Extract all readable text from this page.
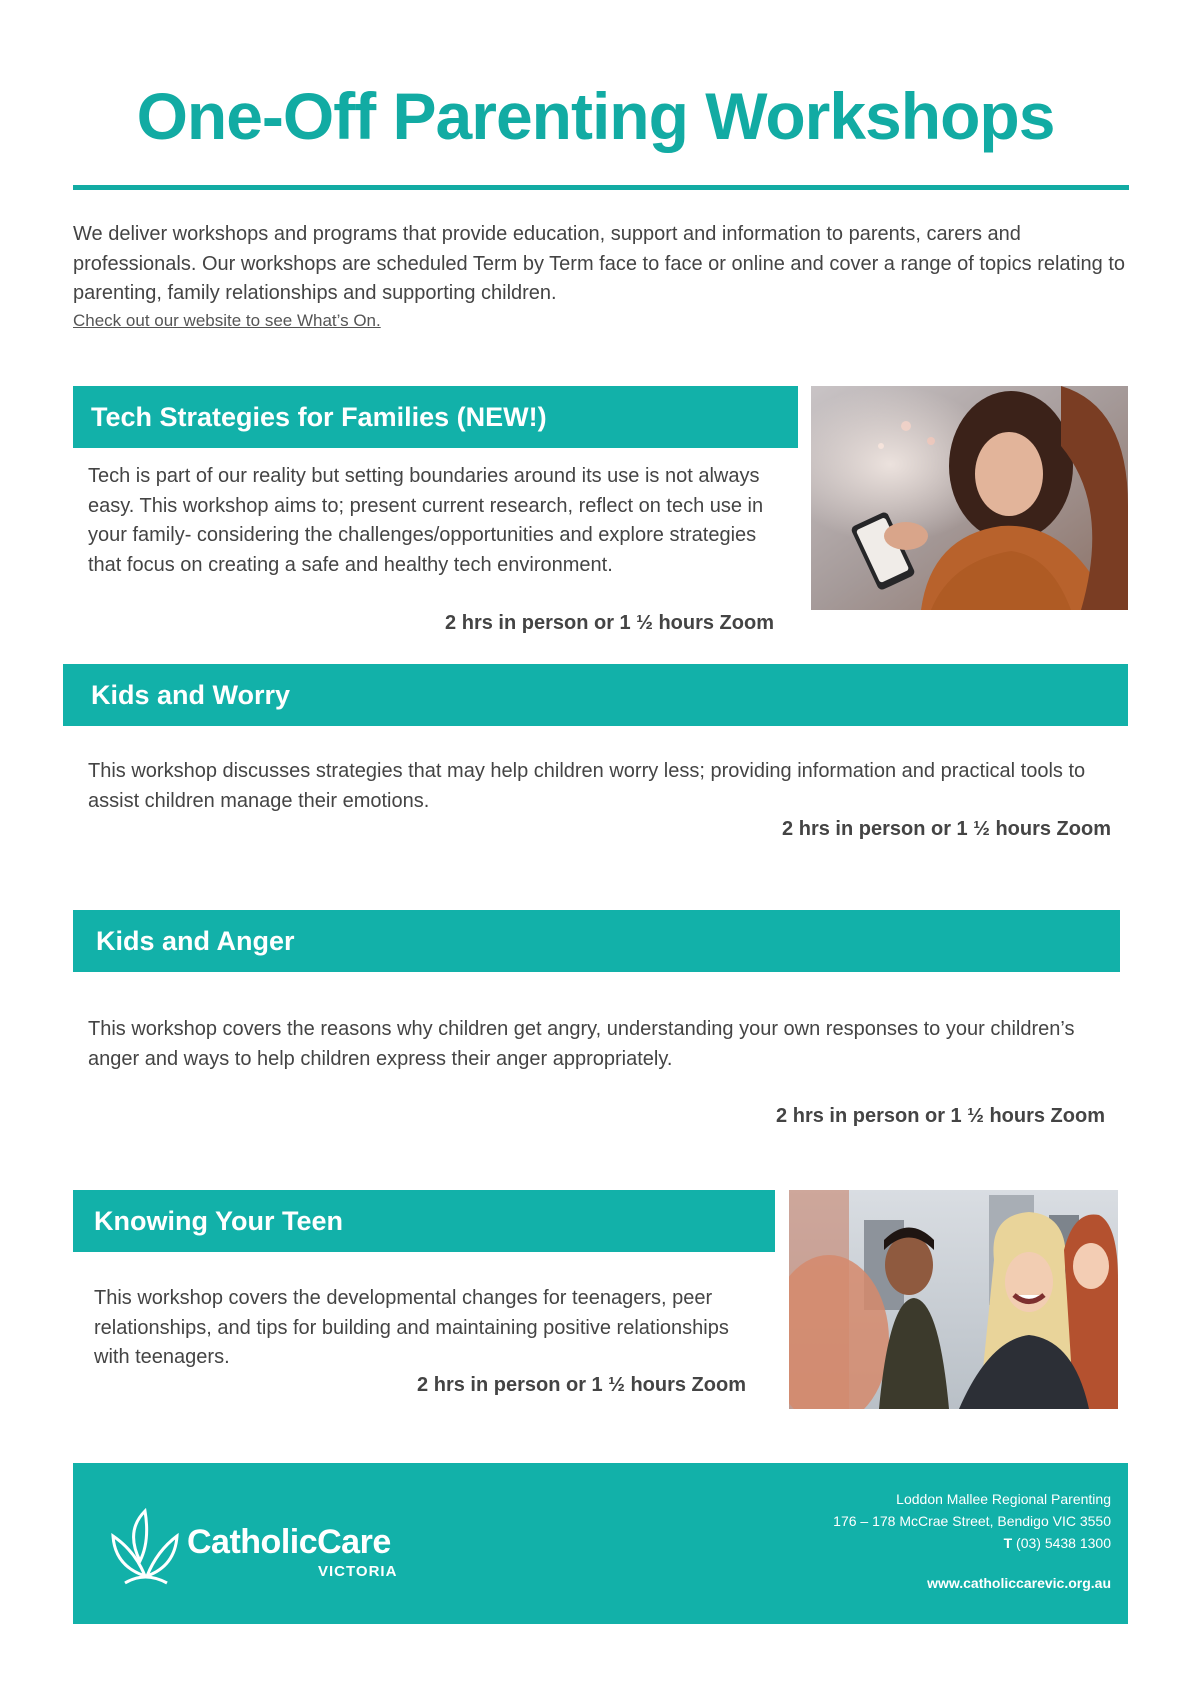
One-Off Parenting Workshops
We deliver workshops and programs that provide education, support and information to parents, carers and professionals. Our workshops are scheduled Term by Term face to face or online and cover a range of topics relating to parenting, family relationships and supporting children.
Check out our website to see What’s On.
Tech Strategies for Families (NEW!)
Tech is part of our reality but setting boundaries around its use is not always easy. This workshop aims to; present current research, reflect on tech use in your family- considering the challenges/opportunities and explore strategies that focus on creating a safe and healthy tech environment.
2 hrs in person or 1 ½ hours Zoom
Kids and Worry
This workshop discusses strategies that may help children worry less; providing information and practical tools to assist children manage their emotions.
2 hrs in person or 1 ½ hours Zoom
Kids and Anger
This workshop covers the reasons why children get angry, understanding your own responses to your children’s anger and ways to help children express their anger appropriately.
2 hrs in person or 1 ½ hours Zoom
Knowing Your Teen
This workshop covers the developmental changes for teenagers, peer relationships, and tips for building and maintaining positive relationships with teenagers.
2 hrs in person or 1 ½ hours Zoom
CatholicCare
VICTORIA
Loddon Mallee Regional Parenting
176 – 178 McCrae Street, Bendigo VIC 3550
T (03) 5438 1300
www.catholiccarevic.org.au
